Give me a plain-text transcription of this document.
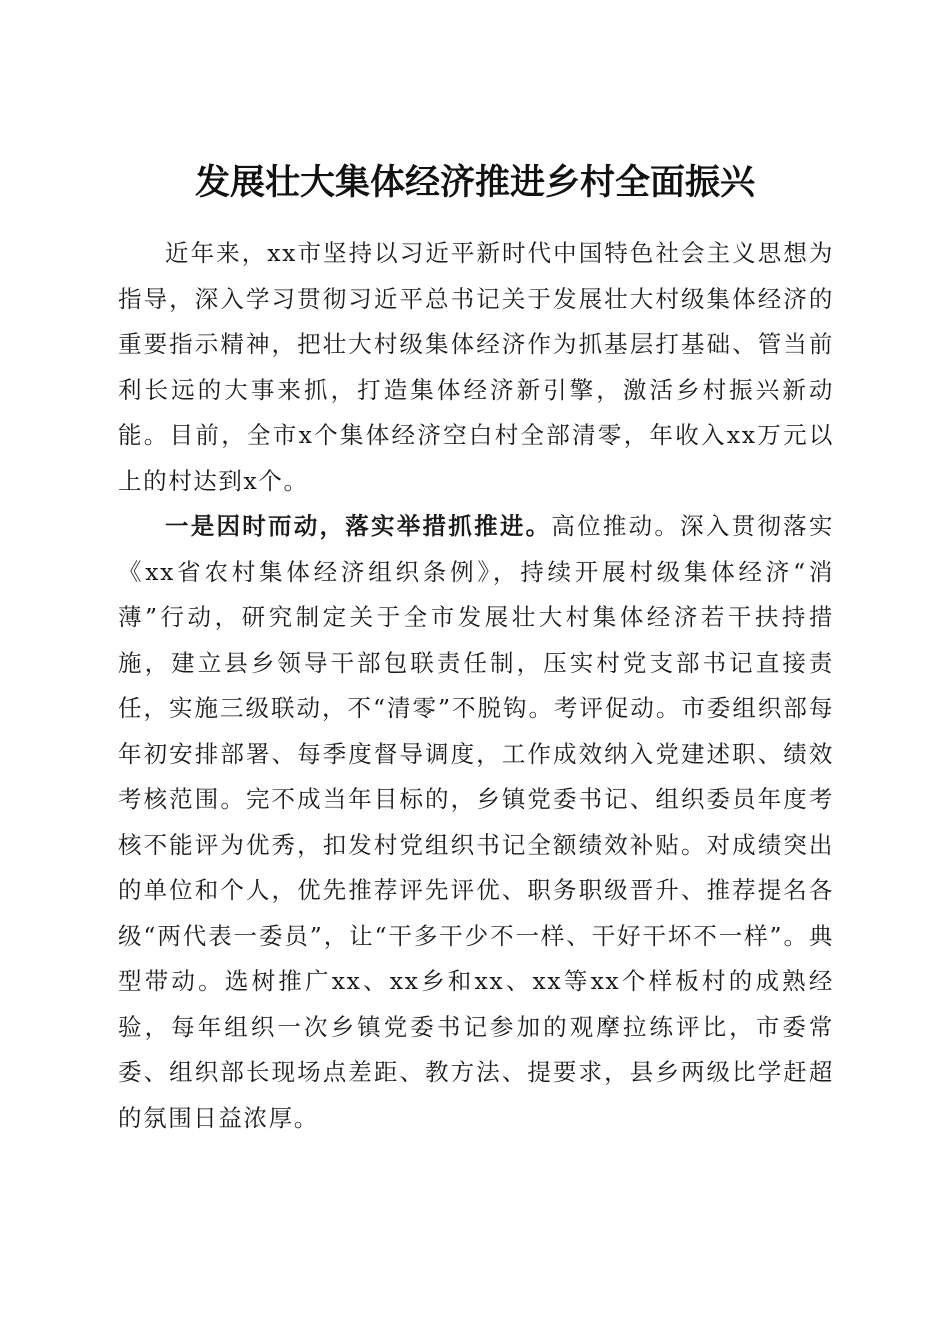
发展壮大集体经济推进乡村全面振兴

近年来，xx市坚持以习近平新时代中国特色社会主义思想为指导，深入学习贯彻习近平总书记关于发展壮大村级集体经济的重要指示精神，把壮大村级集体经济作为抓基层打基础、管当前利长远的大事来抓，打造集体经济新引擎，激活乡村振兴新动能。目前，全市x个集体经济空白村全部清零，年收入xx万元以上的村达到x个。

一是因时而动，落实举措抓推进。高位推动。深入贯彻落实《xx省农村集体经济组织条例》，持续开展村级集体经济“消薄”行动，研究制定关于全市发展壮大村集体经济若干扶持措施，建立县乡领导干部包联责任制，压实村党支部书记直接责任，实施三级联动，不“清零”不脱钩。考评促动。市委组织部每年初安排部署、每季度督导调度，工作成效纳入党建述职、绩效考核范围。完不成当年目标的，乡镇党委书记、组织委员年度考核不能评为优秀，扣发村党组织书记全额绩效补贴。对成绩突出的单位和个人，优先推荐评先评优、职务职级晋升、推荐提名各级“两代表一委员”，让“干多干少不一样、干好干坏不一样”。典型带动。选树推广xx、xx乡和xx、xx等xx个样板村的成熟经验，每年组织一次乡镇党委书记参加的观摩拉练评比，市委常委、组织部长现场点差距、教方法、提要求，县乡两级比学赶超的氛围日益浓厚。
